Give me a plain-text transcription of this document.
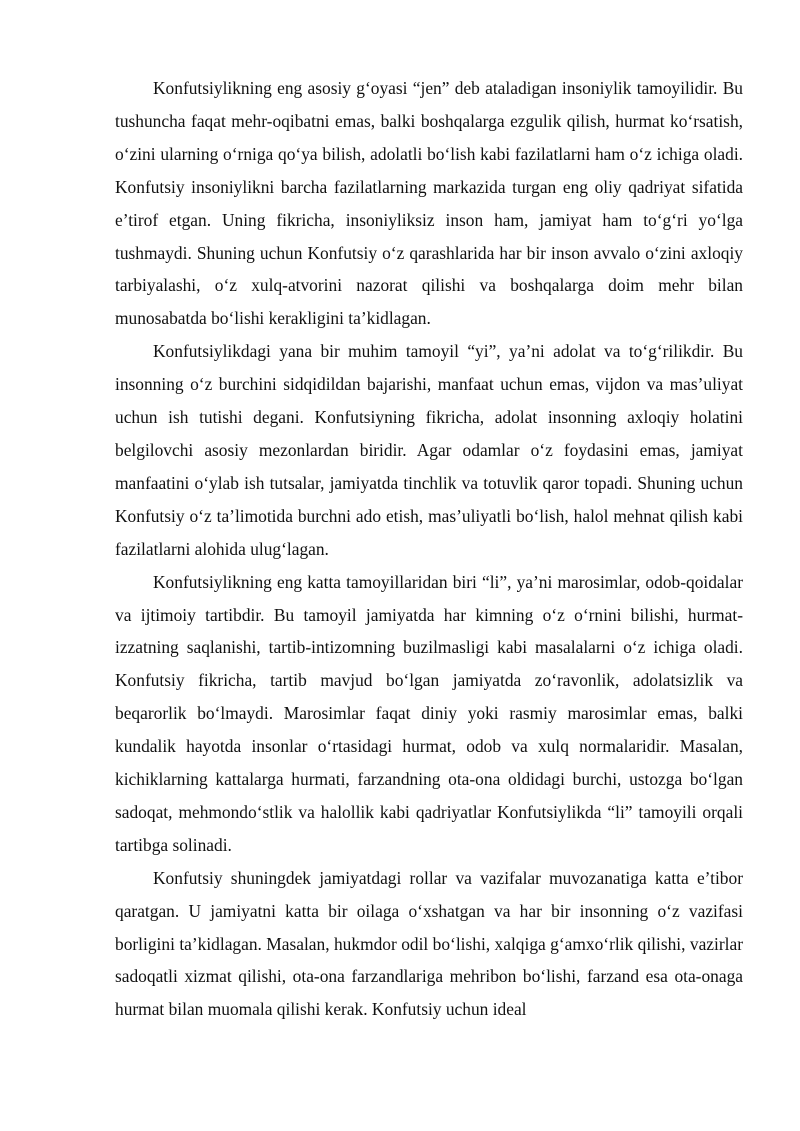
Konfutsiylikning eng asosiy g‘oyasi “jen” deb ataladigan insoniylik tamoyilidir. Bu tushuncha faqat mehr-oqibatni emas, balki boshqalarga ezgulik qilish, hurmat ko‘rsatish, o‘zini ularning o‘rniga qo‘ya bilish, adolatli bo‘lish kabi fazilatlarni ham o‘z ichiga oladi. Konfutsiy insoniylikni barcha fazilatlarning markazida turgan eng oliy qadriyat sifatida e’tirof etgan. Uning fikricha, insoniyliksiz inson ham, jamiyat ham to‘g‘ri yo‘lga tushmaydi. Shuning uchun Konfutsiy o‘z qarashlarida har bir inson avvalo o‘zini axloqiy tarbiyalashi, o‘z xulq-atvorini nazorat qilishi va boshqalarga doim mehr bilan munosabatda bo‘lishi kerakligini ta’kidlagan.

Konfutsiylikdagi yana bir muhim tamoyil “yi”, ya’ni adolat va to‘g‘rilikdir. Bu insonning o‘z burchini sidqidildan bajarishi, manfaat uchun emas, vijdon va mas’uliyat uchun ish tutishi degani. Konfutsiyning fikricha, adolat insonning axloqiy holatini belgilovchi asosiy mezonlardan biridir. Agar odamlar o‘z foydasini emas, jamiyat manfaatini o‘ylab ish tutsalar, jamiyatda tinchlik va totuvlik qaror topadi. Shuning uchun Konfutsiy o‘z ta’limotida burchni ado etish, mas’uliyatli bo‘lish, halol mehnat qilish kabi fazilatlarni alohida ulug‘lagan.

Konfutsiylikning eng katta tamoyillaridan biri “li”, ya’ni marosimlar, odob-qoidalar va ijtimoiy tartibdir. Bu tamoyil jamiyatda har kimning o‘z o‘rnini bilishi, hurmat-izzatning saqlanishi, tartib-intizomning buzilmasligi kabi masalalarni o‘z ichiga oladi. Konfutsiy fikricha, tartib mavjud bo‘lgan jamiyatda zo‘ravonlik, adolatsizlik va beqarorlik bo‘lmaydi. Marosimlar faqat diniy yoki rasmiy marosimlar emas, balki kundalik hayotda insonlar o‘rtasidagi hurmat, odob va xulq normalaridir. Masalan, kichiklarning kattalarga hurmati, farzandning ota-ona oldidagi burchi, ustozga bo‘lgan sadoqat, mehmondo‘stlik va halollik kabi qadriyatlar Konfutsiylikda “li” tamoyili orqali tartibga solinadi.

Konfutsiy shuningdek jamiyatdagi rollar va vazifalar muvozanatiga katta e’tibor qaratgan. U jamiyatni katta bir oilaga o‘xshatgan va har bir insonning o‘z vazifasi borligini ta’kidlagan. Masalan, hukmdor odil bo‘lishi, xalqiga g‘amxo‘rlik qilishi, vazirlar sadoqatli xizmat qilishi, ota-ona farzandlariga mehribon bo‘lishi, farzand esa ota-onaga hurmat bilan muomala qilishi kerak. Konfutsiy uchun ideal
